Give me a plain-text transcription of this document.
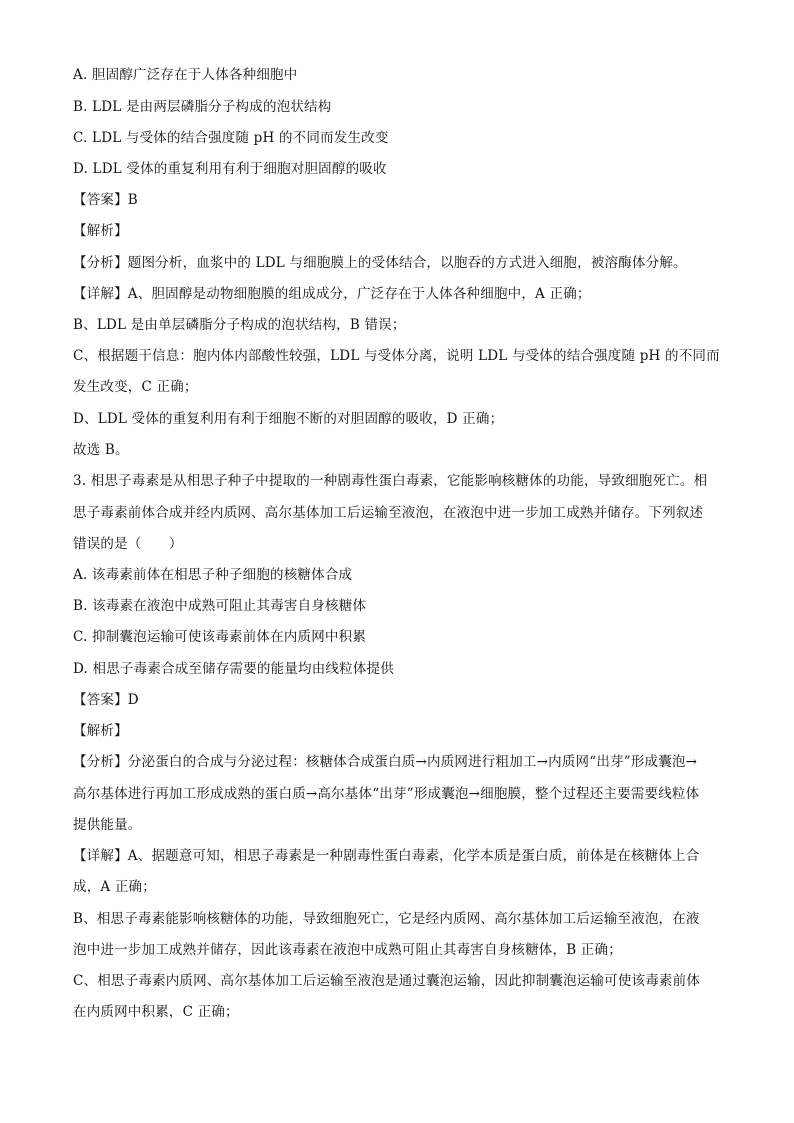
A. 胆固醇广泛存在于人体各种细胞中
B. LDL 是由两层磷脂分子构成的泡状结构
C. LDL 与受体的结合强度随 pH 的不同而发生改变
D. LDL 受体的重复利用有利于细胞对胆固醇的吸收
【答案】B
【解析】
【分析】题图分析，血浆中的 LDL 与细胞膜上的受体结合，以胞吞的方式进入细胞，被溶酶体分解。
【详解】A、胆固醇是动物细胞膜的组成成分，广泛存在于人体各种细胞中，A 正确；
B、LDL 是由单层磷脂分子构成的泡状结构，B 错误；
C、根据题干信息：胞内体内部酸性较强，LDL 与受体分离，说明 LDL 与受体的结合强度随 pH 的不同而
发生改变，C 正确；
D、LDL 受体的重复利用有利于细胞不断的对胆固醇的吸收，D 正确；
故选 B。
3. 相思子毒素是从相思子种子中提取的一种剧毒性蛋白毒素，它能影响核糖体的功能，导致细胞死亡。相
思子毒素前体合成并经内质网、高尔基体加工后运输至液泡，在液泡中进一步加工成熟并储存。下列叙述
错误的是（　　）
A. 该毒素前体在相思子种子细胞的核糖体合成
B. 该毒素在液泡中成熟可阻止其毒害自身核糖体
C. 抑制囊泡运输可使该毒素前体在内质网中积累
D. 相思子毒素合成至储存需要的能量均由线粒体提供
【答案】D
【解析】
【分析】分泌蛋白的合成与分泌过程：核糖体合成蛋白质→内质网进行粗加工→内质网“出芽”形成囊泡→
高尔基体进行再加工形成成熟的蛋白质→高尔基体“出芽”形成囊泡→细胞膜，整个过程还主要需要线粒体
提供能量。
【详解】A、据题意可知，相思子毒素是一种剧毒性蛋白毒素，化学本质是蛋白质，前体是在核糖体上合
成，A 正确；
B、相思子毒素能影响核糖体的功能，导致细胞死亡，它是经内质网、高尔基体加工后运输至液泡，在液
泡中进一步加工成熟并储存，因此该毒素在液泡中成熟可阻止其毒害自身核糖体，B 正确；
C、相思子毒素内质网、高尔基体加工后运输至液泡是通过囊泡运输，因此抑制囊泡运输可使该毒素前体
在内质网中积累，C 正确；
